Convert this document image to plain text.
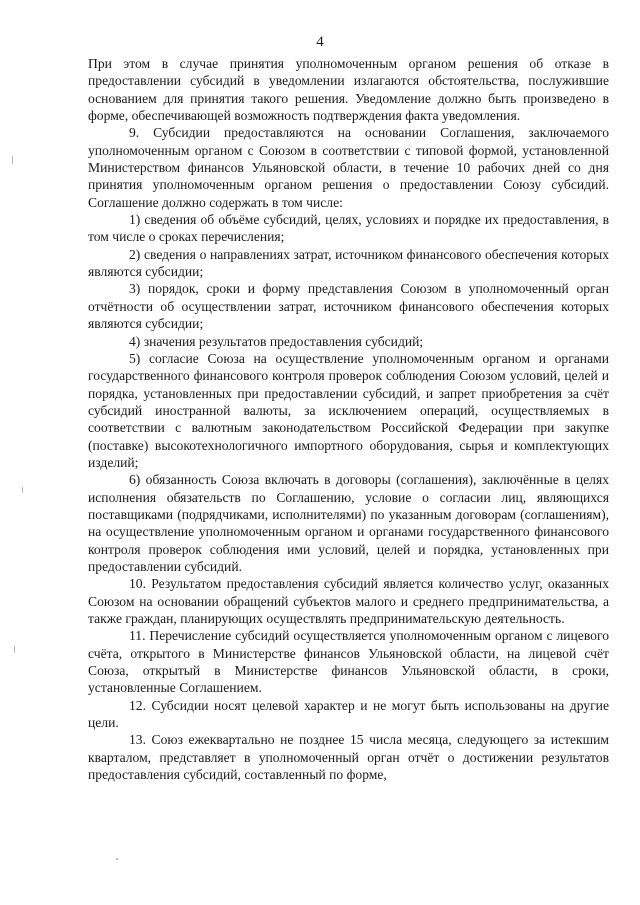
4

При этом в случае принятия уполномоченным органом решения об отказе в предоставлении субсидий в уведомлении излагаются обстоятельства, послужившие основанием для принятия такого решения. Уведомление должно быть произведено в форме, обеспечивающей возможность подтверждения факта уведомления.

9. Субсидии предоставляются на основании Соглашения, заключаемого уполномоченным органом с Союзом в соответствии с типовой формой, установленной Министерством финансов Ульяновской области, в течение 10 рабочих дней со дня принятия уполномоченным органом решения о предоставлении Союзу субсидий. Соглашение должно содержать в том числе:

1) сведения об объёме субсидий, целях, условиях и порядке их предоставления, в том числе о сроках перечисления;

2) сведения о направлениях затрат, источником финансового обеспечения которых являются субсидии;

3) порядок, сроки и форму представления Союзом в уполномоченный орган отчётности об осуществлении затрат, источником финансового обеспечения которых являются субсидии;

4) значения результатов предоставления субсидий;

5) согласие Союза на осуществление уполномоченным органом и органами государственного финансового контроля проверок соблюдения Союзом условий, целей и порядка, установленных при предоставлении субсидий, и запрет приобретения за счёт субсидий иностранной валюты, за исключением операций, осуществляемых в соответствии с валютным законодательством Российской Федерации при закупке (поставке) высокотехнологичного импортного оборудования, сырья и комплектующих изделий;

6) обязанность Союза включать в договоры (соглашения), заключённые в целях исполнения обязательств по Соглашению, условие о согласии лиц, являющихся поставщиками (подрядчиками, исполнителями) по указанным договорам (соглашениям), на осуществление уполномоченным органом и органами государственного финансового контроля проверок соблюдения ими условий, целей и порядка, установленных при предоставлении субсидий.

10. Результатом предоставления субсидий является количество услуг, оказанных Союзом на основании обращений субъектов малого и среднего предпринимательства, а также граждан, планирующих осуществлять предпринимательскую деятельность.

11. Перечисление субсидий осуществляется уполномоченным органом с лицевого счёта, открытого в Министерстве финансов Ульяновской области, на лицевой счёт Союза, открытый в Министерстве финансов Ульяновской области, в сроки, установленные Соглашением.

12. Субсидии носят целевой характер и не могут быть использованы на другие цели.

13. Союз ежеквартально не позднее 15 числа месяца, следующего за истекшим кварталом, представляет в уполномоченный орган отчёт о достижении результатов предоставления субсидий, составленный по форме,
